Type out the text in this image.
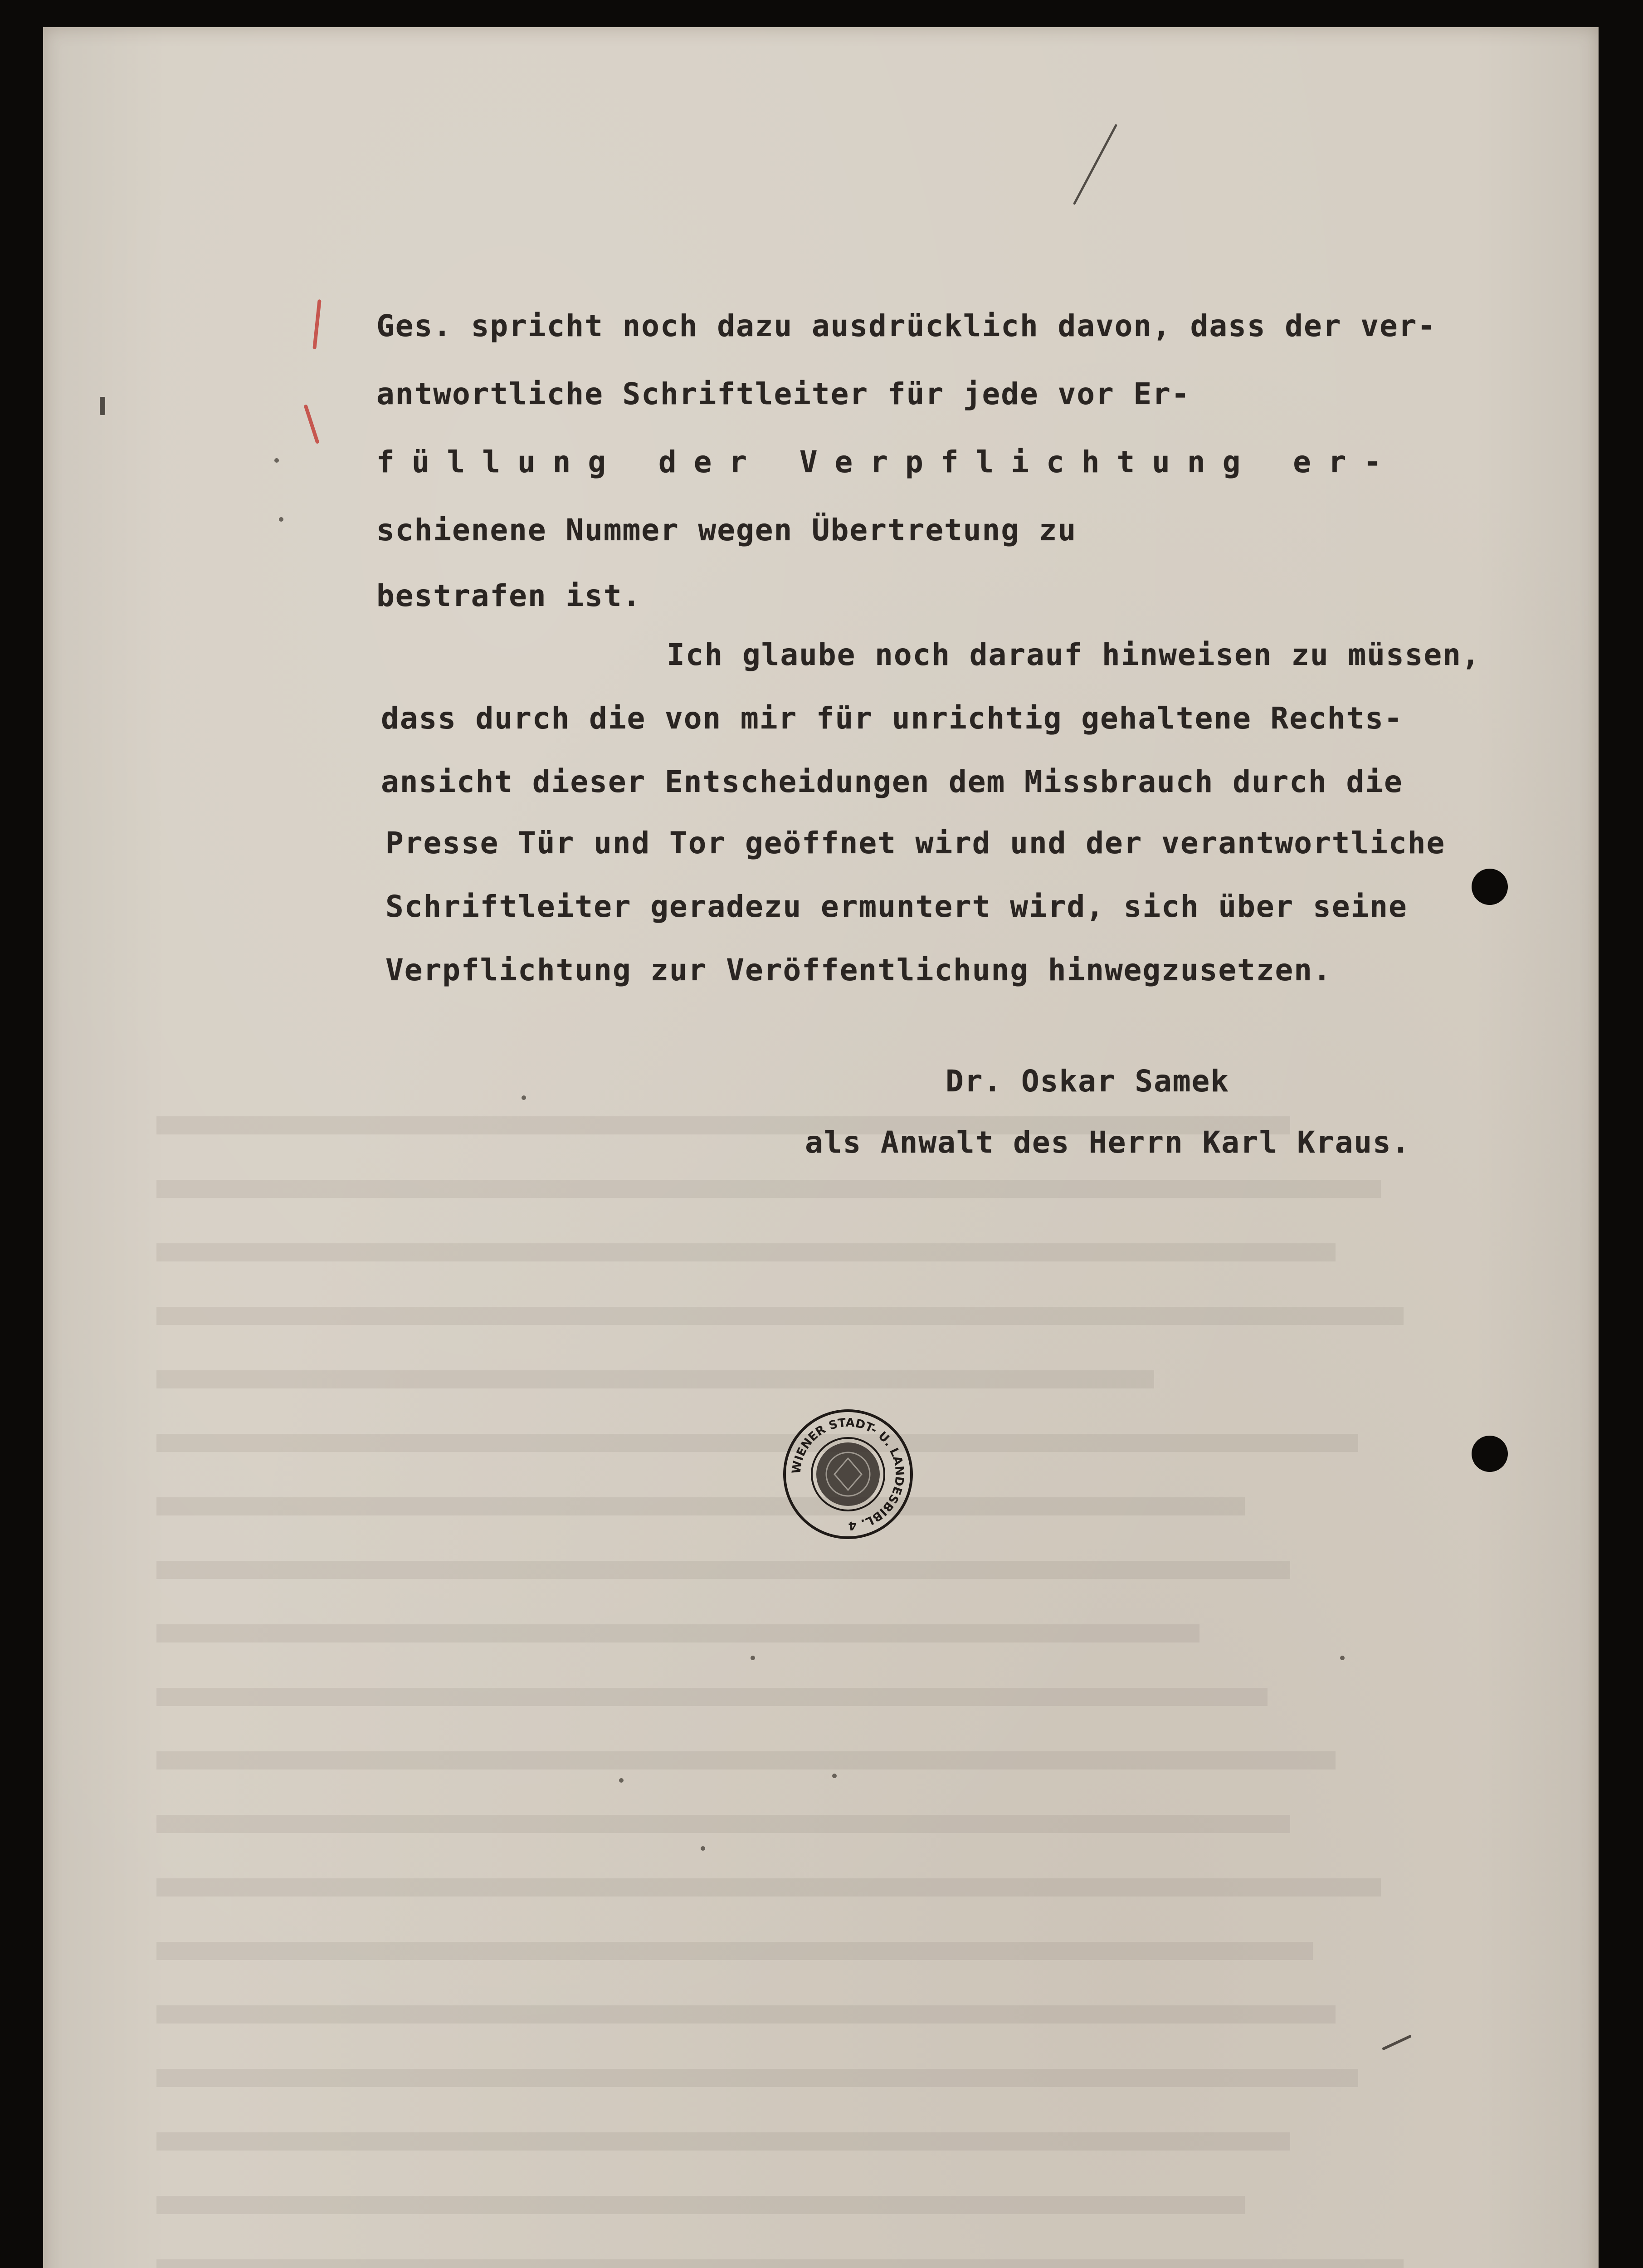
Ges. spricht noch dazu ausdrücklich davon, dass der ver-
antwortliche Schriftleiter für jede vor Er-
füllung der Verpflichtung er-
schienene Nummer wegen Übertretung zu
bestrafen ist.
Ich glaube noch darauf hinweisen zu müssen,
dass durch die von mir für unrichtig gehaltene Rechts-
ansicht dieser Entscheidungen dem Missbrauch durch die
Presse Tür und Tor geöffnet wird und der verantwortliche
Schriftleiter geradezu ermuntert wird, sich über seine
Verpflichtung zur Veröffentlichung hinwegzusetzen.
Dr. Oskar Samek
als Anwalt des Herrn Karl Kraus.
WIENER STADT- U. LANDESBIBL. 4
